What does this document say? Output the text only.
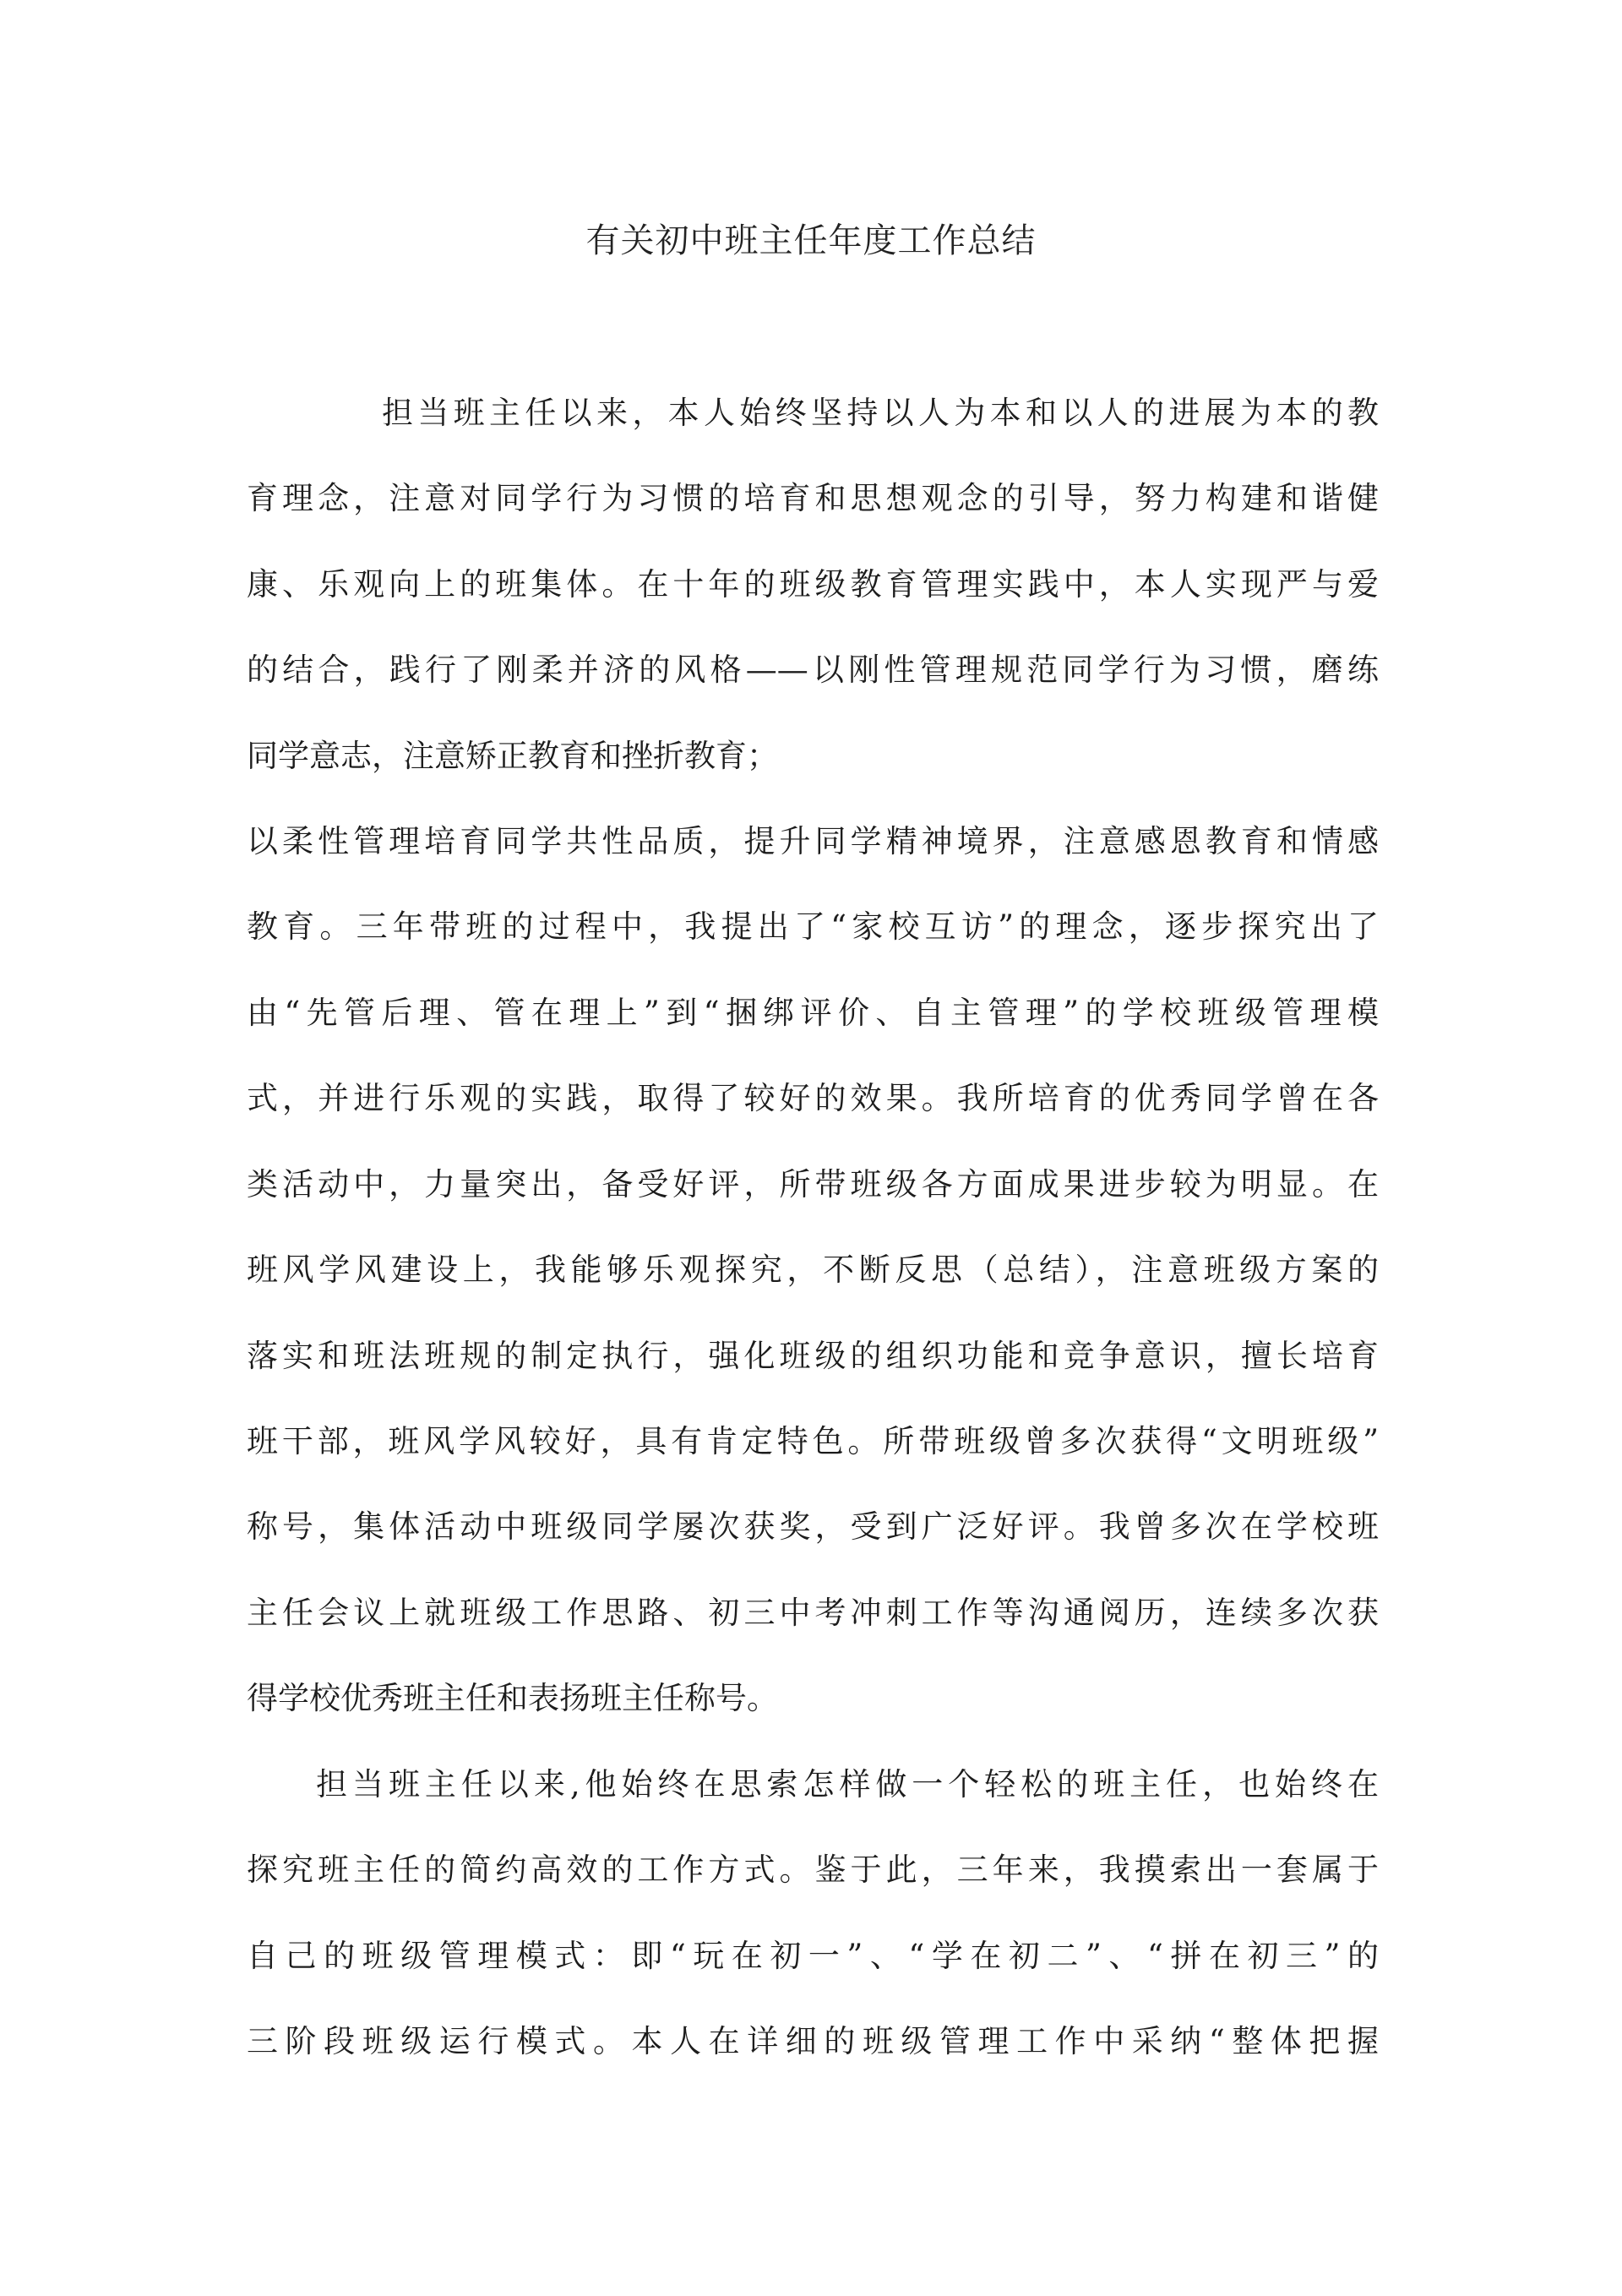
有关初中班主任年度工作总结
担当班主任以来，本人始终坚持以人为本和以人的进展为本的教
育理念，注意对同学行为习惯的培育和思想观念的引导，努力构建和谐健
康、乐观向上的班集体。在十年的班级教育管理实践中，本人实现严与爱
的结合，践行了刚柔并济的风格——以刚性管理规范同学行为习惯，磨练
同学意志，注意矫正教育和挫折教育；
以柔性管理培育同学共性品质，提升同学精神境界，注意感恩教育和情感
教育。三年带班的过程中，我提出了“家校互访”的理念，逐步探究出了
由“先管后理、管在理上”到“捆绑评价、自主管理”的学校班级管理模
式，并进行乐观的实践，取得了较好的效果。我所培育的优秀同学曾在各
类活动中，力量突出，备受好评，所带班级各方面成果进步较为明显。在
班风学风建设上，我能够乐观探究，不断反思（总结），注意班级方案的
落实和班法班规的制定执行，强化班级的组织功能和竞争意识，擅长培育
班干部，班风学风较好，具有肯定特色。所带班级曾多次获得“文明班级”
称号，集体活动中班级同学屡次获奖，受到广泛好评。我曾多次在学校班
主任会议上就班级工作思路、初三中考冲刺工作等沟通阅历，连续多次获
得学校优秀班主任和表扬班主任称号。
担当班主任以来,他始终在思索怎样做一个轻松的班主任，也始终在
探究班主任的简约高效的工作方式。鉴于此，三年来，我摸索出一套属于
自己的班级管理模式：即“玩在初一”、“学在初二”、“拼在初三”的
三阶段班级运行模式。本人在详细的班级管理工作中采纳“整体把握
